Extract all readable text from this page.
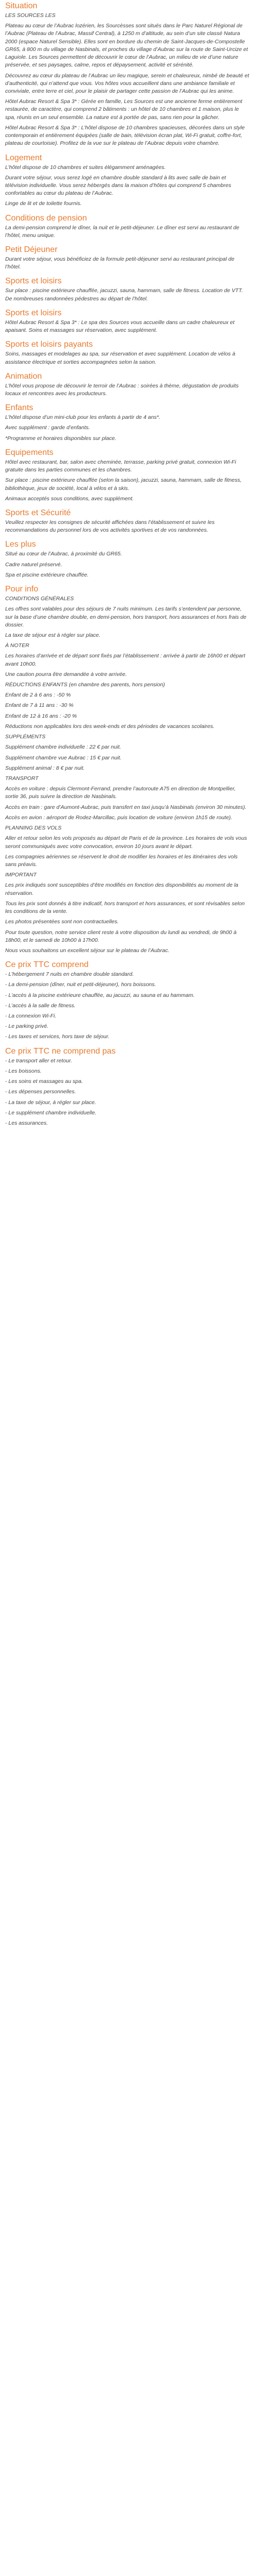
Situation

LES SOURCES LES

Plateau au cœur de l’Aubrac lozérien, les Sourcèsses sont situés dans le Parc Naturel Régional de l’Aubrac (Plateau de l’Aubrac, Massif Central), à 1250 m d’altitude, au sein d’un site classé Natura 2000 (espace Naturel Sensible). Elles sont en bordure du chemin de Saint-Jacques-de-Compostelle GR65, à 800 m du village de Nasbinals, et proches du village d’Aubrac sur la route de Saint-Urcize et Laguiole. Les Sources permettent de découvrir le cœur de l’Aubrac, un milieu de vie d’une nature préservée, et ses paysages, calme, repos et dépaysement, activité et sérénité.

Découvrez au cœur du plateau de l’Aubrac un lieu magique, serein et chaleureux, nimbé de beauté et d’authenticité, qui n’attend que vous. Vos hôtes vous accueillent dans une ambiance familiale et conviviale, entre terre et ciel, pour le plaisir de partager cette passion de l’Aubrac qui les anime.

Hôtel Aubrac Resort & Spa 3* : Gérée en famille, Les Sources est une ancienne ferme entièrement restaurée, de caractère, qui comprend 2 bâtiments : un hôtel de 10 chambres et 1 maison, plus le spa, réunis en un seul ensemble. La nature est à portée de pas, sans rien pour la gâcher.

Hôtel Aubrac Resort & Spa 3* : L’hôtel dispose de 10 chambres spacieuses, décorées dans un style contemporain et entièrement équipées (salle de bain, télévision écran plat, Wi-Fi gratuit, coffre-fort, plateau de courtoisie). Profitez de la vue sur le plateau de l’Aubrac depuis votre chambre.

Logement

L’hôtel dispose de 10 chambres et suites élégamment aménagées.

Durant votre séjour, vous serez logé en chambre double standard à lits avec salle de bain et télévision individuelle. Vous serez hébergés dans la maison d’hôtes qui comprend 5 chambres confortables au cœur du plateau de l’Aubrac.

Linge de lit et de toilette fournis.

Conditions de pension

La demi-pension comprend le dîner, la nuit et le petit-déjeuner. Le dîner est servi au restaurant de l’hôtel, menu unique.

Petit Déjeuner

Durant votre séjour, vous bénéficiez de la formule petit-déjeuner servi au restaurant principal de l’hôtel.

Sports et loisirs

Sur place : piscine extérieure chauffée, jacuzzi, sauna, hammam, salle de fitness. Location de VTT. De nombreuses randonnées pédestres au départ de l’hôtel.

Sports et loisirs

Hôtel Aubrac Resort & Spa 3* : Le spa des Sources vous accueille dans un cadre chaleureux et apaisant. Soins et massages sur réservation, avec supplément.

Sports et loisirs payants

Soins, massages et modelages au spa, sur réservation et avec supplément. Location de vélos à assistance électrique et sorties accompagnées selon la saison.

Animation

L’hôtel vous propose de découvrir le terroir de l’Aubrac : soirées à thème, dégustation de produits locaux et rencontres avec les producteurs.

Enfants

L’hôtel dispose d’un mini-club pour les enfants à partir de 4 ans*.

Avec supplément : garde d’enfants.

*Programme et horaires disponibles sur place.

Equipements

Hôtel avec restaurant, bar, salon avec cheminée, terrasse, parking privé gratuit, connexion Wi-Fi gratuite dans les parties communes et les chambres.

Sur place : piscine extérieure chauffée (selon la saison), jacuzzi, sauna, hammam, salle de fitness, bibliothèque, jeux de société, local à vélos et à skis.

Animaux acceptés sous conditions, avec supplément.

Sports et Sécurité

Veuillez respecter les consignes de sécurité affichées dans l’établissement et suivre les recommandations du personnel lors de vos activités sportives et de vos randonnées.

Les plus

Situé au cœur de l’Aubrac, à proximité du GR65.

Cadre naturel préservé.

Spa et piscine extérieure chauffée.

Pour info

CONDITIONS GÉNÉRALES

Les offres sont valables pour des séjours de 7 nuits minimum. Les tarifs s’entendent par personne, sur la base d’une chambre double, en demi-pension, hors transport, hors assurances et hors frais de dossier.

La taxe de séjour est à régler sur place.

À NOTER

Les horaires d’arrivée et de départ sont fixés par l’établissement : arrivée à partir de 16h00 et départ avant 10h00.

Une caution pourra être demandée à votre arrivée.

RÉDUCTIONS ENFANTS (en chambre des parents, hors pension)

Enfant de 2 à 6 ans : -50 %

Enfant de 7 à 11 ans : -30 %

Enfant de 12 à 16 ans : -20 %

Réductions non applicables lors des week-ends et des périodes de vacances scolaires.

SUPPLÉMENTS

Supplément chambre individuelle : 22 € par nuit.

Supplément chambre vue Aubrac : 15 € par nuit.

Supplément animal : 8 € par nuit.

TRANSPORT

Accès en voiture : depuis Clermont-Ferrand, prendre l’autoroute A75 en direction de Montpellier, sortie 36, puis suivre la direction de Nasbinals.

Accès en train : gare d’Aumont-Aubrac, puis transfert en taxi jusqu’à Nasbinals (environ 30 minutes).

Accès en avion : aéroport de Rodez-Marcillac, puis location de voiture (environ 1h15 de route).

PLANNING DES VOLS

Aller et retour selon les vols proposés au départ de Paris et de la province. Les horaires de vols vous seront communiqués avec votre convocation, environ 10 jours avant le départ.

Les compagnies aériennes se réservent le droit de modifier les horaires et les itinéraires des vols sans préavis.

IMPORTANT

Les prix indiqués sont susceptibles d’être modifiés en fonction des disponibilités au moment de la réservation.

Tous les prix sont donnés à titre indicatif, hors transport et hors assurances, et sont révisables selon les conditions de la vente.

Les photos présentées sont non contractuelles.

Pour toute question, notre service client reste à votre disposition du lundi au vendredi, de 9h00 à 18h00, et le samedi de 10h00 à 17h00.

Nous vous souhaitons un excellent séjour sur le plateau de l’Aubrac.

Ce prix TTC comprend

- L’hébergement 7 nuits en chambre double standard.

- La demi-pension (dîner, nuit et petit-déjeuner), hors boissons.

- L’accès à la piscine extérieure chauffée, au jacuzzi, au sauna et au hammam.

- L’accès à la salle de fitness.

- La connexion Wi-Fi.

- Le parking privé.

- Les taxes et services, hors taxe de séjour.

Ce prix TTC ne comprend pas

- Le transport aller et retour.

- Les boissons.

- Les soins et massages au spa.

- Les dépenses personnelles.

- La taxe de séjour, à régler sur place.

- Le supplément chambre individuelle.

- Les assurances.
